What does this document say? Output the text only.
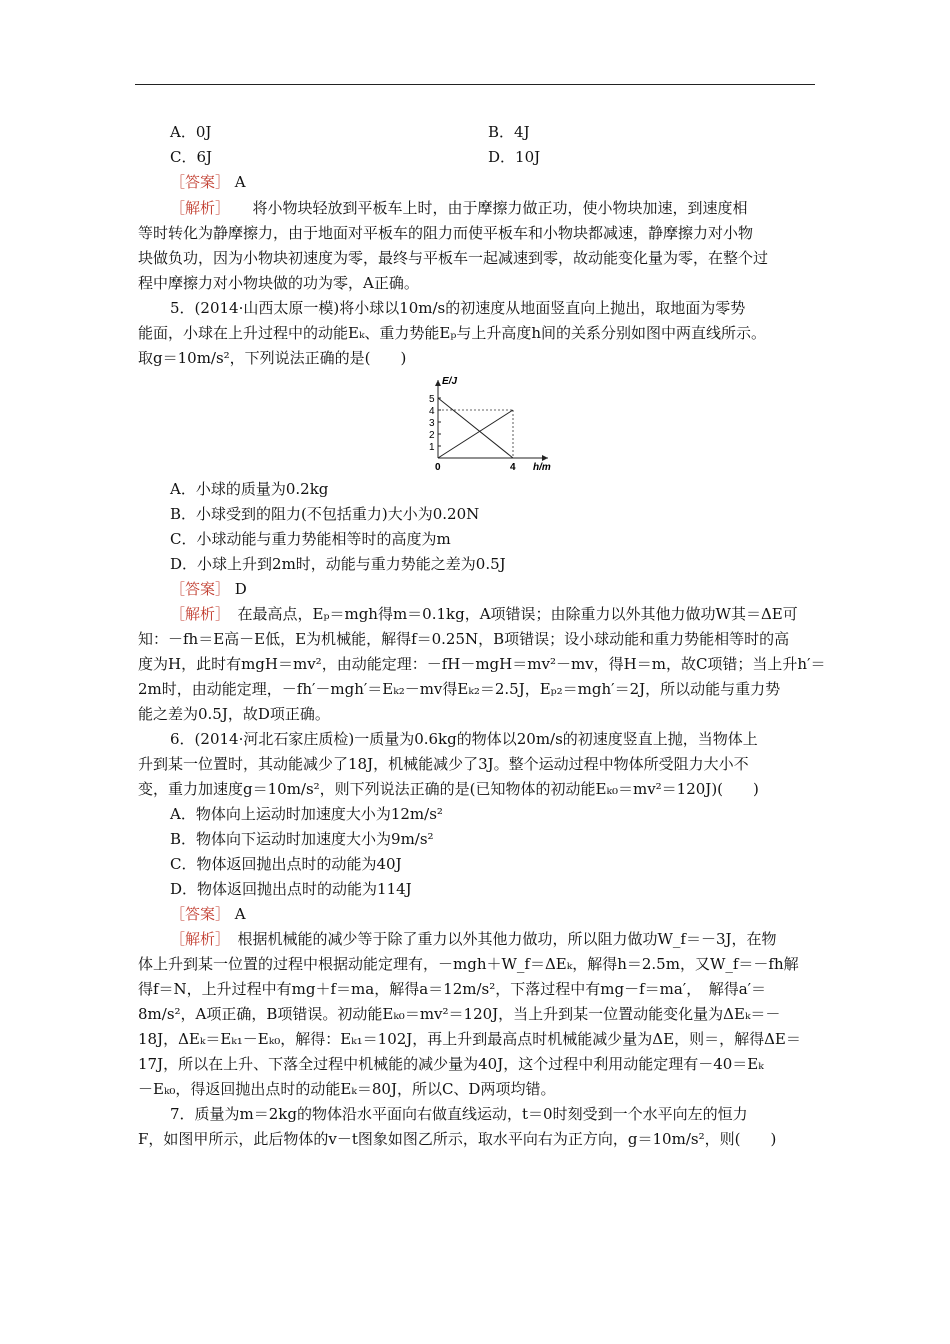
A．0J	B．4J
C．6J	D．10J
［答案］ A
［解析］　　将小物块轻放到平板车上时，由于摩擦力做正功，使小物块加速，到速度相
等时转化为静摩擦力，由于地面对平板车的阻力而使平板车和小物块都减速，静摩擦力对小物
块做负功，因为小物块初速度为零，最终与平板车一起减速到零，故动能变化量为零，在整个过
程中摩擦力对小物块做的功为零，A正确。
5．(2014·山西太原一模)将小球以10m/s的初速度从地面竖直向上抛出，取地面为零势
能面，小球在上升过程中的动能Eₖ、重力势能Eₚ与上升高度h间的关系分别如图中两直线所示。
取g＝10m/s²，下列说法正确的是(　　)
E/J
h/m
5
4
3
2
1
0	4
A．小球的质量为0.2kg
B．小球受到的阻力(不包括重力)大小为0.20N
C．小球动能与重力势能相等时的高度为m
D．小球上升到2m时，动能与重力势能之差为0.5J
［答案］ D
［解析］　在最高点，Eₚ＝mgh得m＝0.1kg，A项错误；由除重力以外其他力做功W其＝ΔE可
知：－fh＝E高－E低，E为机械能，解得f＝0.25N，B项错误；设小球动能和重力势能相等时的高
度为H，此时有mgH＝mv²，由动能定理：－fH－mgH＝mv²－mv，得H＝m，故C项错；当上升h′＝
2m时，由动能定理，－fh′－mgh′＝Eₖ₂－mv得Eₖ₂＝2.5J，Eₚ₂＝mgh′＝2J，所以动能与重力势
能之差为0.5J，故D项正确。
6．(2014·河北石家庄质检)一质量为0.6kg的物体以20m/s的初速度竖直上抛，当物体上
升到某一位置时，其动能减少了18J，机械能减少了3J。整个运动过程中物体所受阻力大小不
变，重力加速度g＝10m/s²，则下列说法正确的是(已知物体的初动能Eₖ₀＝mv²＝120J)(　　)
A．物体向上运动时加速度大小为12m/s²
B．物体向下运动时加速度大小为9m/s²
C．物体返回抛出点时的动能为40J
D．物体返回抛出点时的动能为114J
［答案］ A
［解析］　根据机械能的减少等于除了重力以外其他力做功，所以阻力做功W_f＝－3J，在物
体上升到某一位置的过程中根据动能定理有，－mgh＋W_f＝ΔEₖ，解得h＝2.5m，又W_f＝－fh解
得f＝N，上升过程中有mg＋f＝ma，解得a＝12m/s²，下落过程中有mg－f＝ma′，　解得a′＝
8m/s²，A项正确，B项错误。初动能Eₖ₀＝mv²＝120J，当上升到某一位置动能变化量为ΔEₖ＝－
18J，ΔEₖ＝Eₖ₁－Eₖ₀，解得：Eₖ₁＝102J，再上升到最高点时机械能减少量为ΔE，则＝，解得ΔE＝
17J，所以在上升、下落全过程中机械能的减少量为40J，这个过程中利用动能定理有－40＝Eₖ
－Eₖ₀，得返回抛出点时的动能Eₖ＝80J，所以C、D两项均错。
7．质量为m＝2kg的物体沿水平面向右做直线运动，t＝0时刻受到一个水平向左的恒力
F，如图甲所示，此后物体的v－t图象如图乙所示，取水平向右为正方向，g＝10m/s²，则(　　)
